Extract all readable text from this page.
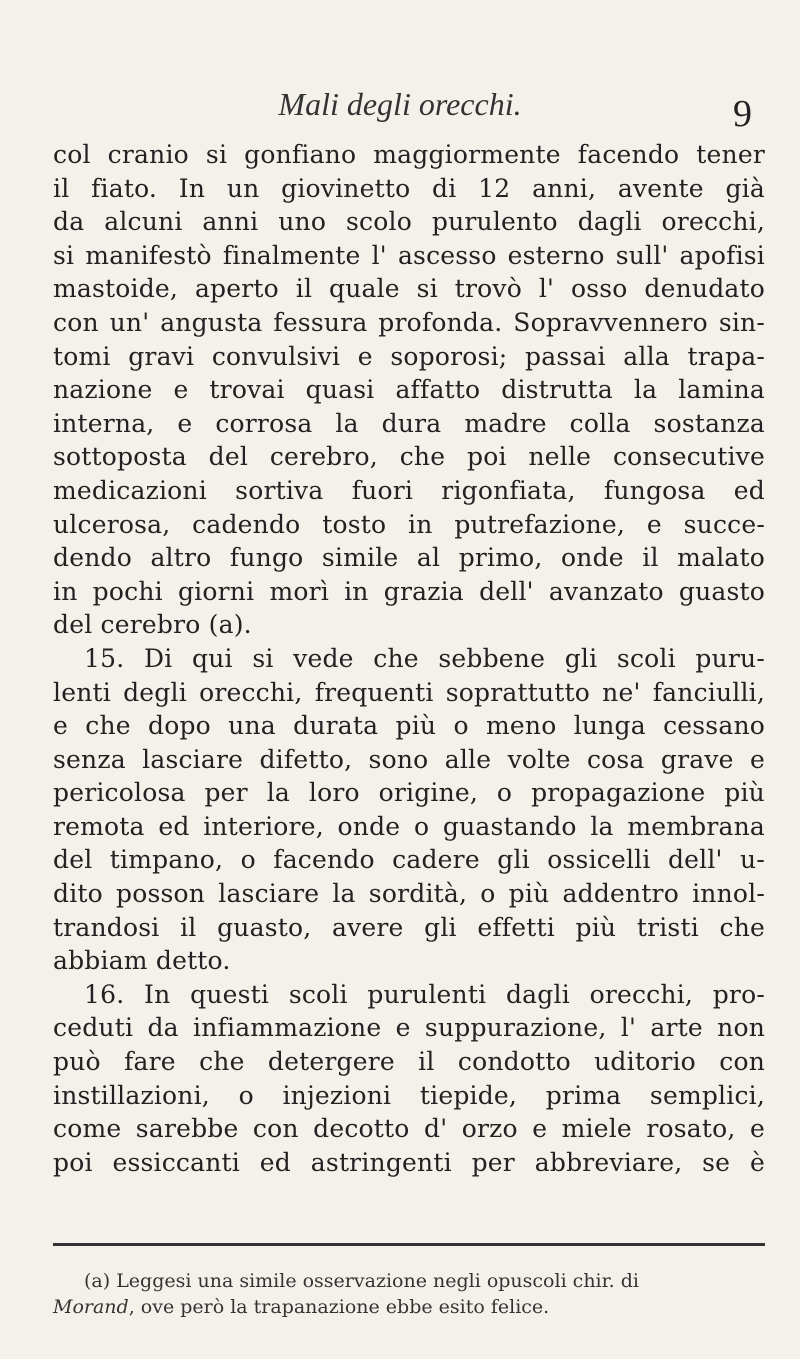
Mali degli orecchi.	9
col cranio si gonfiano maggiormente facendo tener
il fiato. In un giovinetto di 12 anni, avente già
da alcuni anni uno scolo purulento dagli orecchi,
si manifestò finalmente l' ascesso esterno sull' apofisi
mastoide, aperto il quale si trovò l' osso denudato
con un' angusta fessura profonda. Sopravvennero sin-
tomi gravi convulsivi e soporosi; passai alla trapa-
nazione e trovai quasi affatto distrutta la lamina
interna, e corrosa la dura madre colla sostanza
sottoposta del cerebro, che poi nelle consecutive
medicazioni sortiva fuori rigonfiata, fungosa ed
ulcerosa, cadendo tosto in putrefazione, e succe-
dendo altro fungo simile al primo, onde il malato
in pochi giorni morì in grazia dell' avanzato guasto
del cerebro (a).
15. Di qui si vede che sebbene gli scoli puru-
lenti degli orecchi, frequenti soprattutto ne' fanciulli,
e che dopo una durata più o meno lunga cessano
senza lasciare difetto, sono alle volte cosa grave e
pericolosa per la loro origine, o propagazione più
remota ed interiore, onde o guastando la membrana
del timpano, o facendo cadere gli ossicelli dell' u-
dito posson lasciare la sordità, o più addentro innol-
trandosi il guasto, avere gli effetti più tristi che
abbiam detto.
16. In questi scoli purulenti dagli orecchi, pro-
ceduti da infiammazione e suppurazione, l' arte non
può fare che detergere il condotto uditorio con
instillazioni, o injezioni tiepide, prima semplici,
come sarebbe con decotto d' orzo e miele rosato, e
poi essiccanti ed astringenti per abbreviare, se è
(a) Leggesi una simile osservazione negli opuscoli chir. di
Morand, ove però la trapanazione ebbe esito felice.
